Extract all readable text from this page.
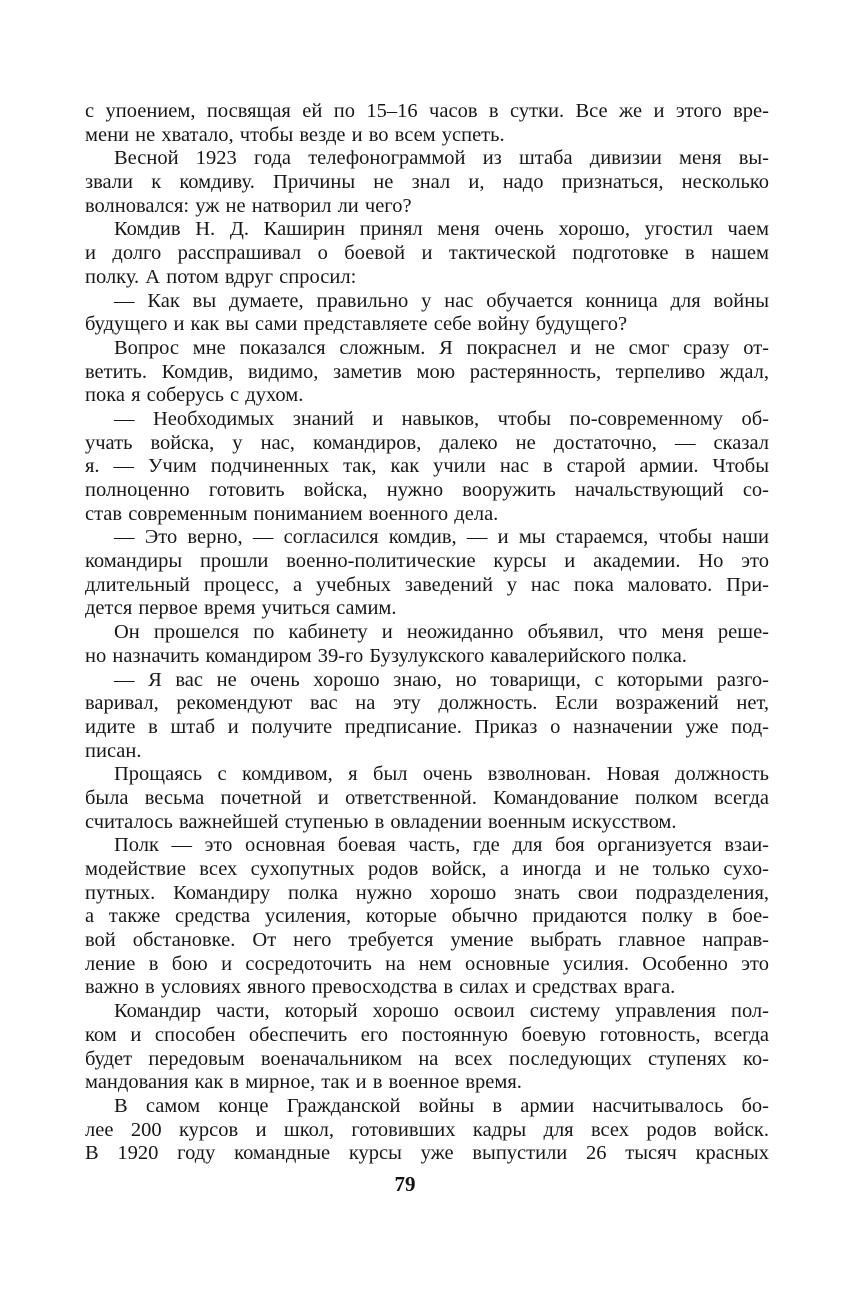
с упоением, посвящая ей по 15–16 часов в сутки. Все же и этого вре-
мени не хватало, чтобы везде и во всем успеть.
Весной 1923 года телефонограммой из штаба дивизии меня вы-
звали к комдиву. Причины не знал и, надо признаться, несколько
волновался: уж не натворил ли чего?
Комдив Н. Д. Каширин принял меня очень хорошо, угостил чаем
и долго расспрашивал о боевой и тактической подготовке в нашем
полку. А потом вдруг спросил:
— Как вы думаете, правильно у нас обучается конница для войны
будущего и как вы сами представляете себе войну будущего?
Вопрос мне показался сложным. Я покраснел и не смог сразу от-
ветить. Комдив, видимо, заметив мою растерянность, терпеливо ждал,
пока я соберусь с духом.
— Необходимых знаний и навыков, чтобы по-современному об-
учать войска, у нас, командиров, далеко не достаточно, — сказал
я. — Учим подчиненных так, как учили нас в старой армии. Чтобы
полноценно готовить войска, нужно вооружить начальствующий со-
став современным пониманием военного дела.
— Это верно, — согласился комдив, — и мы стараемся, чтобы наши
командиры прошли военно-политические курсы и академии. Но это
длительный процесс, а учебных заведений у нас пока маловато. При-
дется первое время учиться самим.
Он прошелся по кабинету и неожиданно объявил, что меня реше-
но назначить командиром 39-го Бузулукского кавалерийского полка.
— Я вас не очень хорошо знаю, но товарищи, с которыми разго-
варивал, рекомендуют вас на эту должность. Если возражений нет,
идите в штаб и получите предписание. Приказ о назначении уже под-
писан.
Прощаясь с комдивом, я был очень взволнован. Новая должность
была весьма почетной и ответственной. Командование полком всегда
считалось важнейшей ступенью в овладении военным искусством.
Полк — это основная боевая часть, где для боя организуется взаи-
модействие всех сухопутных родов войск, а иногда и не только сухо-
путных. Командиру полка нужно хорошо знать свои подразделения,
а также средства усиления, которые обычно придаются полку в бое-
вой обстановке. От него требуется умение выбрать главное направ-
ление в бою и сосредоточить на нем основные усилия. Особенно это
важно в условиях явного превосходства в силах и средствах врага.
Командир части, который хорошо освоил систему управления пол-
ком и способен обеспечить его постоянную боевую готовность, всегда
будет передовым военачальником на всех последующих ступенях ко-
мандования как в мирное, так и в военное время.
В самом конце Гражданской войны в армии насчитывалось бо-
лее 200 курсов и школ, готовивших кадры для всех родов войск.
В 1920 году командные курсы уже выпустили 26 тысяч красных
79
